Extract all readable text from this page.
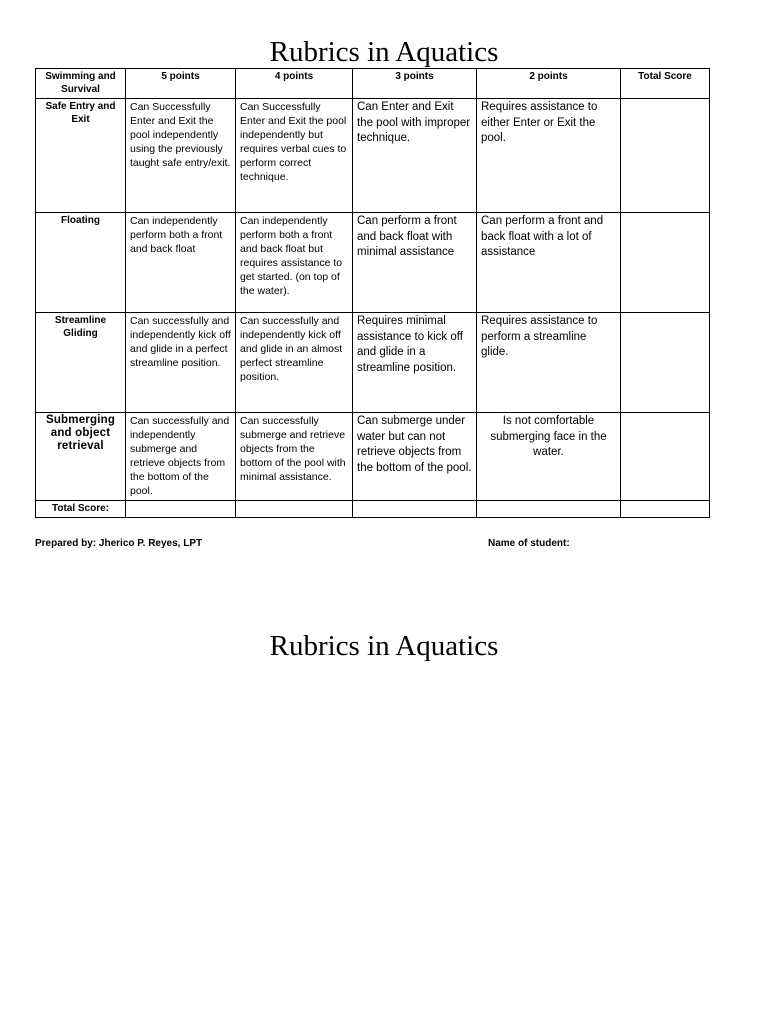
Rubrics in Aquatics
Swimming and Survival	5 points	4 points	3 points	2 points	Total Score
Safe Entry and Exit	Can Successfully Enter and Exit the pool independently using the previously taught safe entry/exit.	Can Successfully Enter and Exit the pool independently but requires verbal cues to perform correct technique.	Can Enter and Exit the pool with improper technique.	Requires assistance to either Enter or Exit the pool.	
Floating	Can independently perform both a front and back float	Can independently perform both a front and back float but requires assistance to get started. (on top of the water).	Can perform a front and back float with minimal assistance	Can perform a front and back float with a lot of assistance	
Streamline Gliding	Can successfully and independently kick off and glide in a perfect streamline position.	Can successfully and independently kick off and glide in an almost perfect streamline position.	Requires minimal assistance to kick off and glide in a streamline position.	Requires assistance to perform a streamline glide.	
Submerging and object retrieval	Can successfully and independently submerge and retrieve objects from the bottom of the pool.	Can successfully submerge and retrieve objects from the bottom of the pool with minimal assistance.	Can submerge under water but can not retrieve objects from the bottom of the pool.	Is not comfortable submerging face in the water.	
Total Score:					
Prepared by: Jherico P. Reyes, LPT	Name of student:
Rubrics in Aquatics
